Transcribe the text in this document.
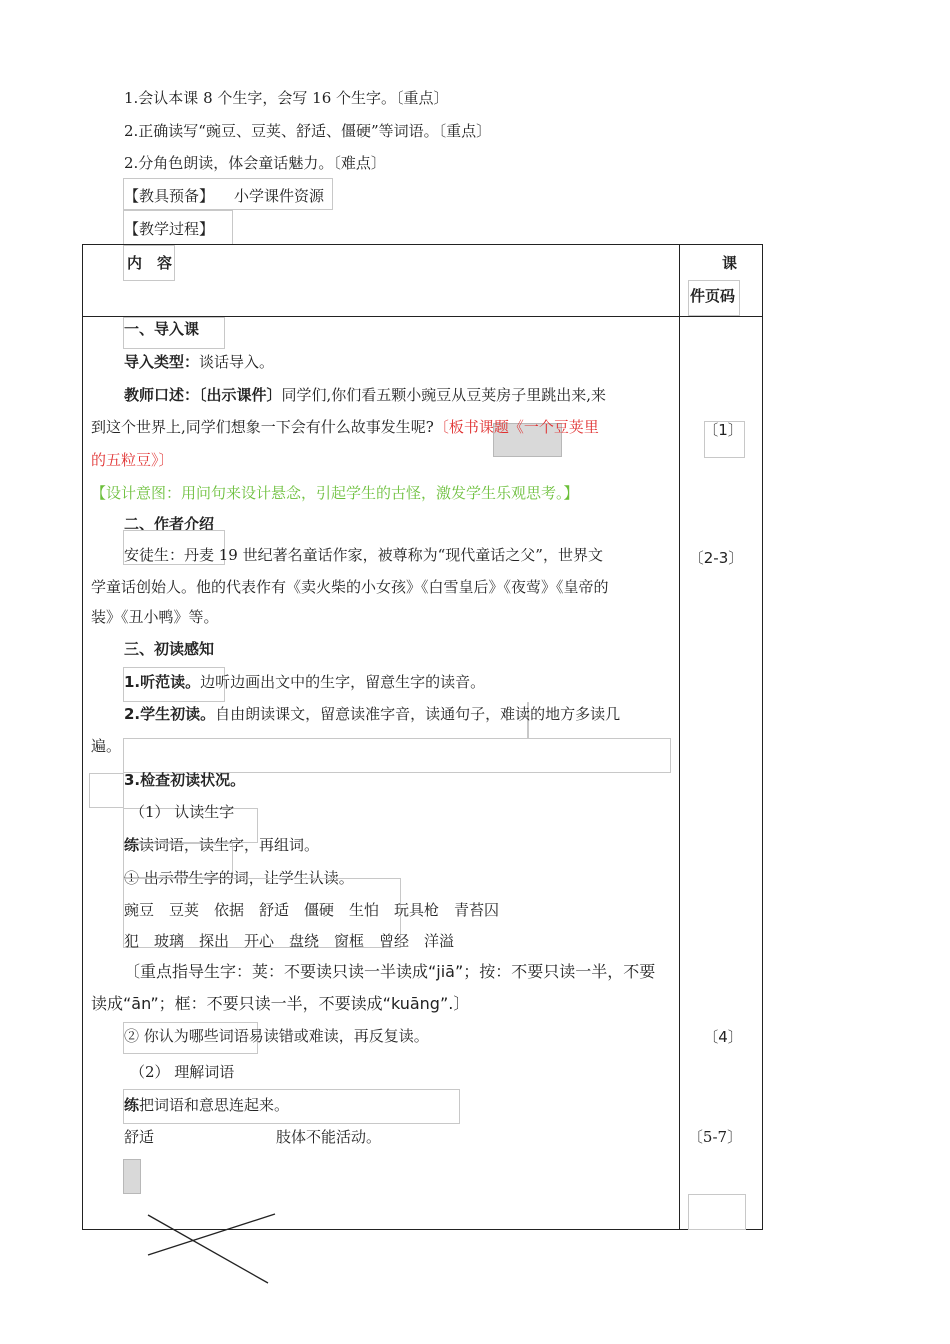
1.会认本课 8 个生字，会写 16 个生字。〔重点〕
2.正确读写“豌豆、豆荚、舒适、僵硬”等词语。〔重点〕
2.分角色朗读，体会童话魅力。〔难点〕
【教具预备】 小学课件资源
【教学过程】
内　容	课
件页码
一、导入课
导入类型：谈话导入。
教师口述：〔出示课件〕同学们,你们看五颗小豌豆从豆荚房子里跳出来,来
到这个世界上,同学们想象一下会有什么故事发生呢?〔板书课题《一个豆荚里
的五粒豆》〕
【设计意图：用问句来设计悬念，引起学生的古怪，激发学生乐观思考。】
二、作者介绍
安徒生：丹麦 19 世纪著名童话作家，被尊称为“现代童话之父”，世界文
学童话创始人。他的代表作有《卖火柴的小女孩》《白雪皇后》《夜莺》《皇帝的
装》《丑小鸭》等。
三、初读感知
1.听范读。边听边画出文中的生字，留意生字的读音。
2.学生初读。自由朗读课文，留意读准字音，读通句子，难读的地方多读几
遍。
3.检查初读状况。
（1） 认读生字
练读词语，读生字，再组词。
① 出示带生字的词，让学生认读。
豌豆　豆荚　依据　舒适　僵硬　生怕　玩具枪　青苔囚
犯　玻璃　探出　开心　盘绕　窗框　曾经　洋溢
〔重点指导生字：荚：不要读只读一半读成“jiā”；按：不要只读一半，不要
读成“ān”；框：不要只读一半，不要读成“kuāng”.〕
② 你认为哪些词语易读错或难读，再反复读。
（2） 理解词语
练把词语和意思连起来。
舒适	肢体不能活动。
〔1〕
〔2-3〕
〔4〕
〔5-7〕
